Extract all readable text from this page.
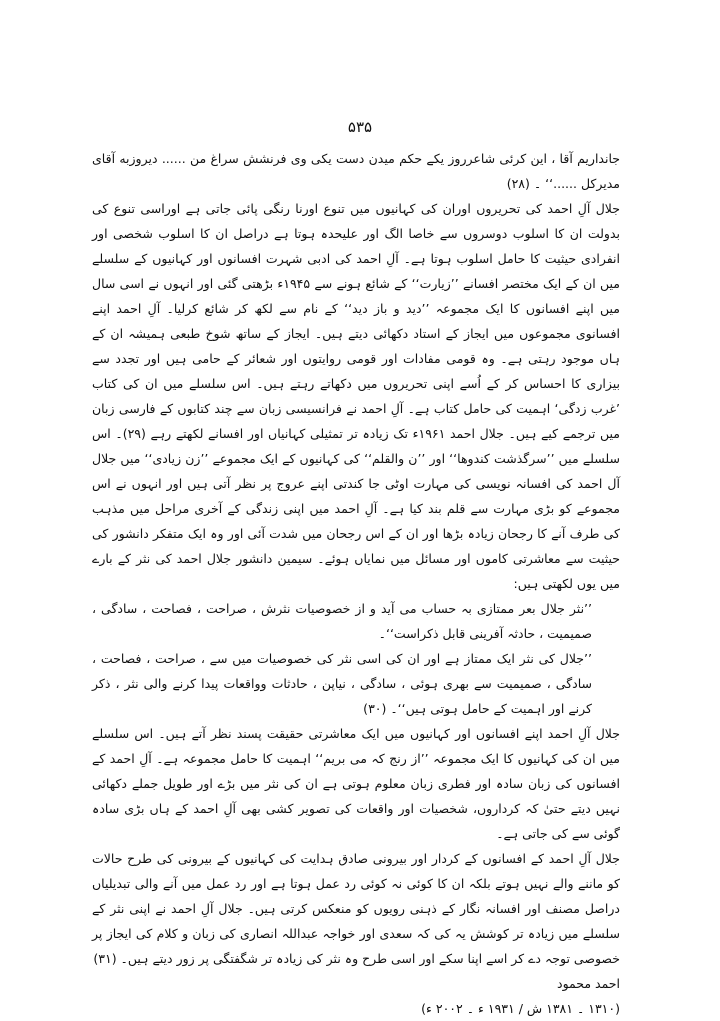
۵۳۵

جانداریم آقا ، این کرئی شاعرروز یکے حکم میدن دست یکی وی فرنشش سراغ من ...... دیروزبه آقای مدیرکل ......‘‘ ۔ (۲۸)

جلال آلِ احمد کی تحریروں اوران کی کہانیوں میں تنوع اورنا رنگی پائی جاتی ہے اوراسی تنوع کی بدولت ان کا اسلوب دوسروں سے خاصا الگ اور علیحدہ ہوتا ہے دراصل ان کا اسلوب شخصی اور انفرادی حیثیت کا حامل اسلوب ہوتا ہے۔ آلِ احمد کی ادبی شہرت افسانوں اور کہانیوں کے سلسلے میں ان کے ایک مختصر افسانے ’’زیارت‘‘ کے شائع ہونے سے ۱۹۴۵ء بڑھتی گئی اور انہوں نے اسی سال میں اپنے افسانوں کا ایک مجموعہ ’’دید و باز دید‘‘ کے نام سے لکھ کر شائع کرلیا۔ آلِ احمد اپنے افسانوی مجموعوں میں ایجاز کے استاد دکھائی دیتے ہیں۔ ایجاز کے ساتھ شوخ طبعی ہمیشہ ان کے ہاں موجود رہتی ہے۔ وہ قومی مفادات اور قومی روایتوں اور شعائر کے حامی ہیں اور تجدد سے بیزاری کا احساس کر کے اُسے اپنی تحریروں میں دکھاتے رہتے ہیں۔ اس سلسلے میں ان کی کتاب ’غرب زدگی‘ اہمیت کی حامل کتاب ہے۔ آلِ احمد نے فرانسیسی زبان سے چند کتابوں کے فارسی زبان میں ترجمے کیے ہیں۔ جلال احمد ۱۹۶۱ء تک زیادہ تر تمثیلی کہانیاں اور افسانے لکھتے رہے (۲۹)۔ اس سلسلے میں ’’سرگذشت کندوها‘‘ اور ’’ن والقلم‘‘ کی کہانیوں کے ایک مجموعے ’’زن زیادی‘‘ میں جلال آل احمد کی افسانہ نویسی کی مہارت اوٹی جا کندتی اپنے عروج پر نظر آتی ہیں اور انہوں نے اس مجموعے کو بڑی مہارت سے قلم بند کیا ہے۔ آلِ احمد میں اپنی زندگی کے آخری مراحل میں مذہب کی طرف آنے کا رجحان زیادہ بڑھا اور ان کے اس رجحان میں شدت آئی اور وہ ایک متفکر دانشور کی حیثیت سے معاشرتی کاموں اور مسائل میں نمایاں ہوئے۔ سیمین دانشور جلال احمد کی نثر کے بارے میں یوں لکھتی ہیں:

’’نثر جلال بعر ممتازی بہ حساب می آید و از خصوصیات نثرش ، صراحت ، فصاحت ، سادگی ، صمیمیت ، حادثہ آفرینی قابل ذکراست‘‘۔

’’جلال کی نثر ایک ممتاز ہے اور ان کی اسی نثر کی خصوصیات میں سے ، صراحت ، فصاحت ، سادگی ، صمیمیت سے بھری ہوئی ، سادگی ، نیاپن ، حادثات وواقعات پیدا کرنے والی نثر ، ذکر کرنے اور اہمیت کے حامل ہوتی ہیں‘‘۔ (۳۰)

جلال آلِ احمد اپنے افسانوں اور کہانیوں میں ایک معاشرتی حقیقت پسند نظر آتے ہیں۔ اس سلسلے میں ان کی کہانیوں کا ایک مجموعہ ’’از رنج کہ می بریم‘‘ اہمیت کا حامل مجموعہ ہے۔ آلِ احمد کے افسانوں کی زبان سادہ اور فطری زبان معلوم ہوتی ہے ان کی نثر میں بڑے اور طویل جملے دکھائی نہیں دیتے حتیٰ کہ کرداروں، شخصیات اور واقعات کی تصویر کشی بھی آلِ احمد کے ہاں بڑی سادہ گوئی سے کی جاتی ہے۔

جلال آلِ احمد کے افسانوں کے کردار اور بیرونی صادق ہدایت کی کہانیوں کے بیرونی کی طرح حالات کو ماننے والے نہیں ہوتے بلکہ ان کا کوئی نہ کوئی رد عمل ہوتا ہے اور رد عمل میں آنے والی تبدیلیاں دراصل مصنف اور افسانہ نگار کے ذہنی رویوں کو منعکس کرتی ہیں۔ جلال آلِ احمد نے اپنی نثر کے سلسلے میں زیادہ تر کوشش یہ کی کہ سعدی اور خواجہ عبداللہ انصاری کی زبان و کلام کی ایجاز پر خصوصی توجہ دے کر اسے اپنا سکے اور اسی طرح وہ نثر کی زیادہ تر شگفتگی پر زور دیتے ہیں۔ (۳۱)

احمد محمود

(۱۳۱۰ ۔ ۱۳۸۱ ش / ۱۹۳۱ ء ۔ ۲۰۰۲ ء)
